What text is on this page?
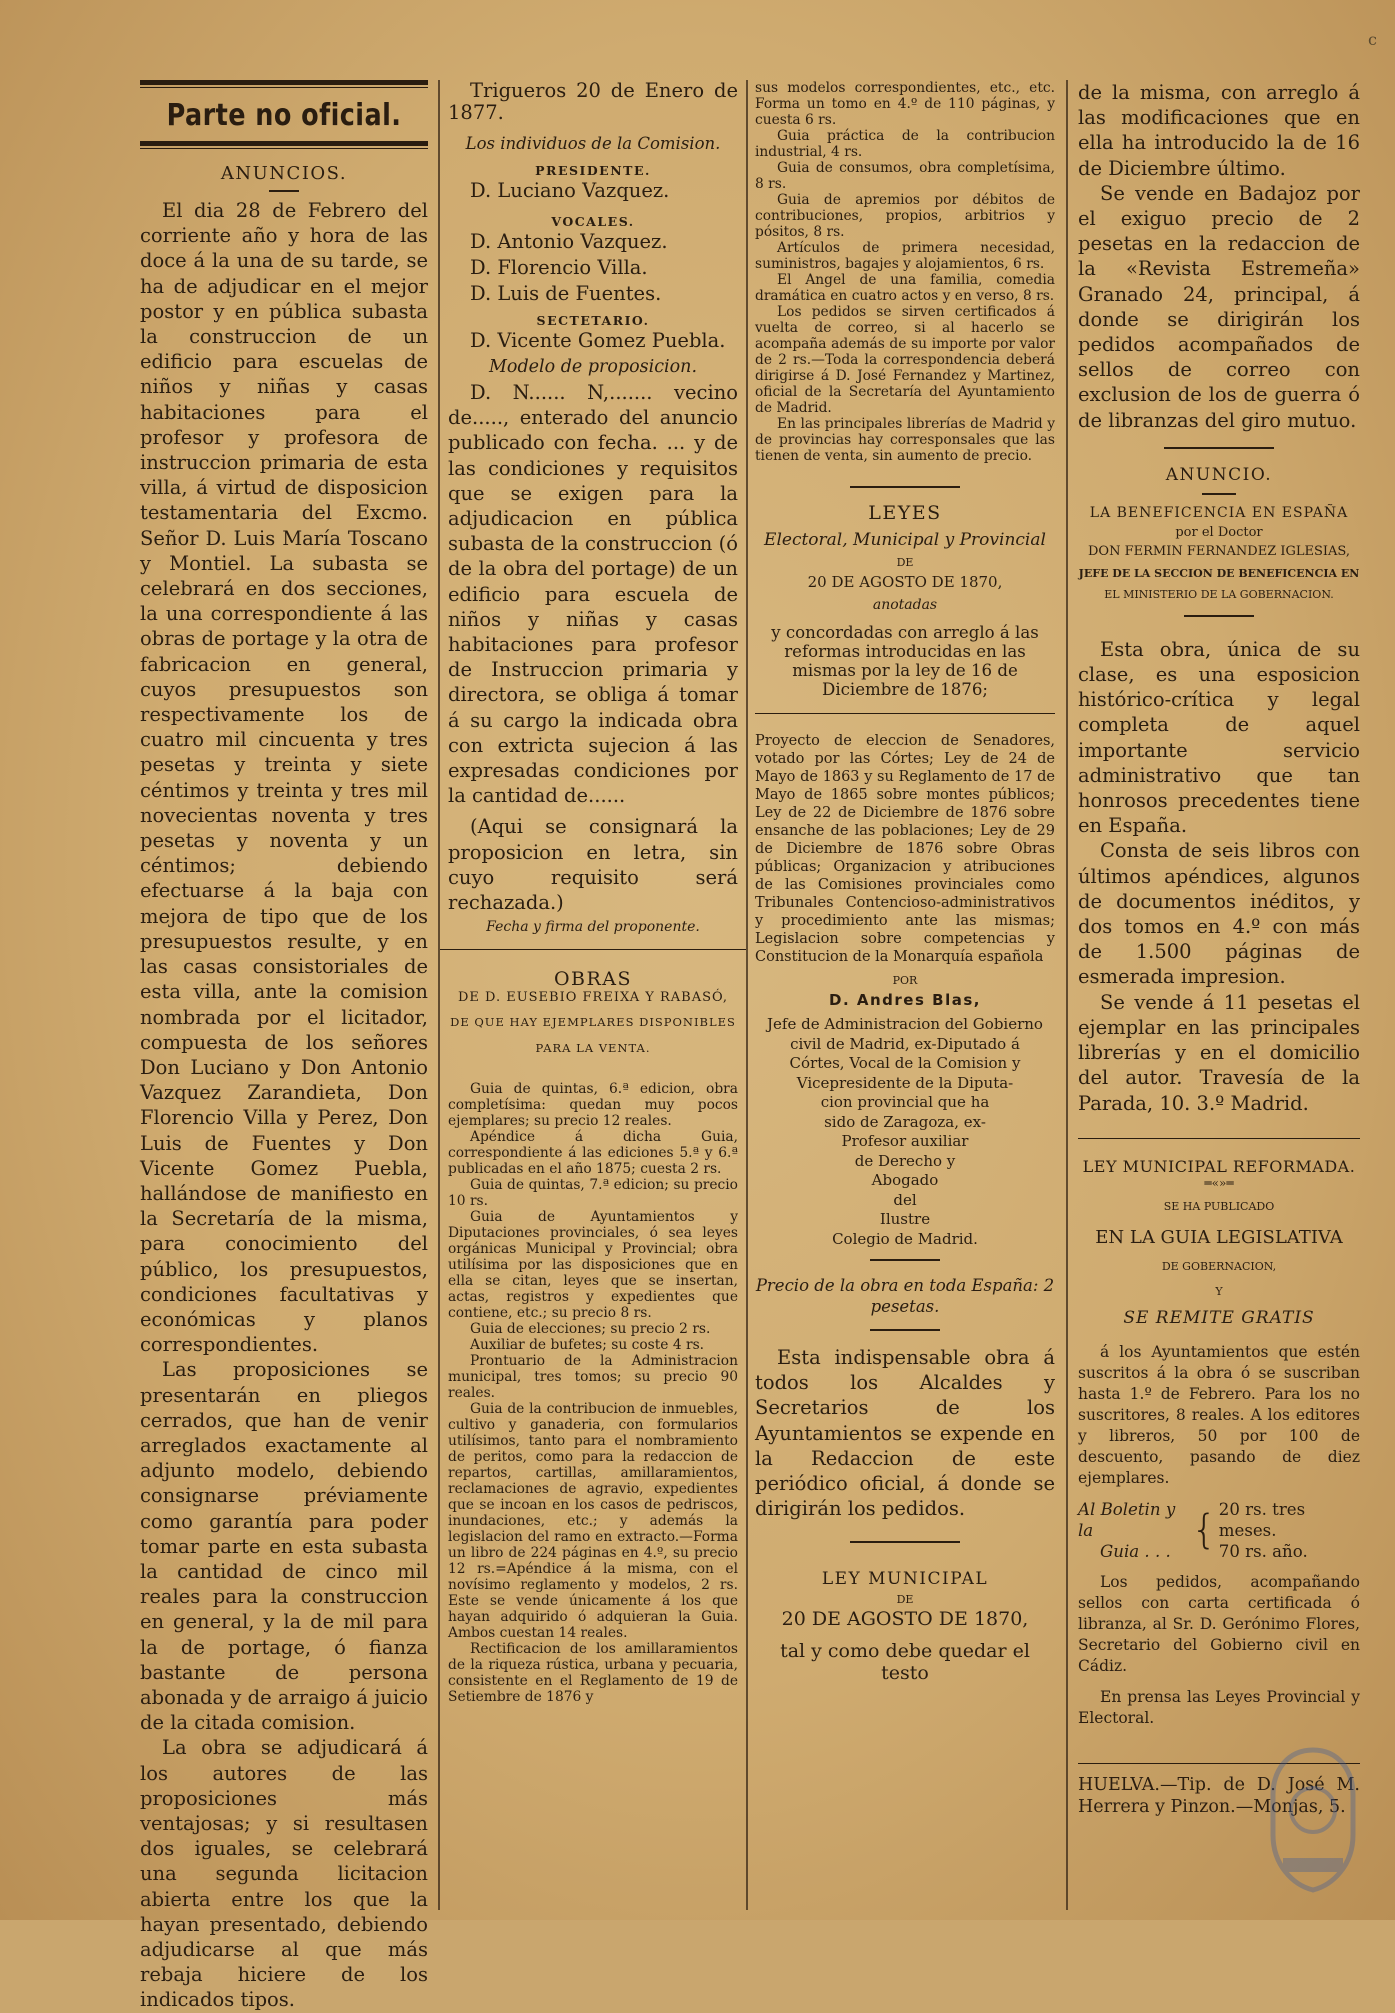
c
Parte no oficial.
ANUNCIOS.

El dia 28 de Febrero del corriente año y hora de las doce á la una de su tarde, se ha de adjudicar en el mejor postor y en pública subasta la construccion de un edificio para escuelas de niños y niñas y casas habitaciones para el profesor y profesora de instruccion primaria de esta villa, á virtud de disposicion testamentaria del Excmo. Señor D. Luis María Toscano y Montiel. La subasta se celebrará en dos secciones, la una correspondiente á las obras de portage y la otra de fabricacion en general, cuyos presupuestos son respectivamente los de cuatro mil cincuenta y tres pesetas y treinta y siete céntimos y treinta y tres mil novecientas noventa y tres pesetas y noventa y un céntimos; debiendo efectuarse á la baja con mejora de tipo que de los presupuestos resulte, y en las casas consistoriales de esta villa, ante la comision nombrada por el licitador, compuesta de los señores Don Luciano y Don Antonio Vazquez Zarandieta, Don Florencio Villa y Perez, Don Luis de Fuentes y Don Vicente Gomez Puebla, hallándose de manifiesto en la Secretaría de la misma, para conocimiento del público, los presupuestos, condiciones facultativas y económicas y planos correspondientes.

Las proposiciones se presentarán en pliegos cerrados, que han de venir arreglados exactamente al adjunto modelo, debiendo consignarse préviamente como garantía para poder tomar parte en esta subasta la cantidad de cinco mil reales para la construccion en general, y la de mil para la de portage, ó fianza bastante de persona abonada y de arraigo á juicio de la citada comision.

La obra se adjudicará á los autores de las proposiciones más ventajosas; y si resultasen dos iguales, se celebrará una segunda licitacion abierta entre los que la hayan presentado, debiendo adjudicarse al que más rebaja hiciere de los indicados tipos.

Trigueros 20 de Enero de 1877.

Los individuos de la Comision.

PRESIDENTE.

D. Luciano Vazquez.

VOCALES.

D. Antonio Vazquez.

D. Florencio Villa.

D. Luis de Fuentes.

SECTETARIO.

D. Vicente Gomez Puebla.

Modelo de proposicion.

D. N...... N,....... vecino de....., enterado del anuncio publicado con fecha. ... y de las condiciones y requisitos que se exigen para la adjudicacion en pública subasta de la construccion (ó de la obra del portage) de un edificio para escuela de niños y niñas y casas habitaciones para profesor de Instruccion primaria y directora, se obliga á tomar á su cargo la indicada obra con extricta sujecion á las expresadas condiciones por la cantidad de......

(Aqui se consignará la proposicion en letra, sin cuyo requisito será rechazada.)

Fecha y firma del proponente.

OBRAS

DE D. EUSEBIO FREIXA Y RABASÓ,

DE QUE HAY EJEMPLARES DISPONIBLES PARA LA VENTA.

Guia de quintas, 6.ª edicion, obra completísima: quedan muy pocos ejemplares; su precio 12 reales.

Apéndice á dicha Guia, correspondiente á las ediciones 5.ª y 6.ª publicadas en el año 1875; cuesta 2 rs.

Guia de quintas, 7.ª edicion; su precio 10 rs.

Guia de Ayuntamientos y Diputaciones provinciales, ó sea leyes orgánicas Municipal y Provincial; obra utilísima por las disposiciones que en ella se citan, leyes que se insertan, actas, registros y expedientes que contiene, etc.; su precio 8 rs.

Guia de elecciones; su precio 2 rs.

Auxiliar de bufetes; su coste 4 rs.

Prontuario de la Administracion municipal, tres tomos; su precio 90 reales.

Guia de la contribucion de inmuebles, cultivo y ganaderia, con formularios utilísimos, tanto para el nombramiento de peritos, como para la redaccion de repartos, cartillas, amillaramientos, reclamaciones de agravio, expedientes que se incoan en los casos de pedriscos, inundaciones, etc.; y además la legislacion del ramo en extracto.—Forma un libro de 224 páginas en 4.º, su precio 12 rs.=Apéndice á la misma, con el novísimo reglamento y modelos, 2 rs. Este se vende únicamente á los que hayan adquirido ó adquieran la Guia. Ambos cuestan 14 reales.

Rectificacion de los amillaramientos de la riqueza rústica, urbana y pecuaria, consistente en el Reglamento de 19 de Setiembre de 1876 y

sus modelos correspondientes, etc., etc. Forma un tomo en 4.º de 110 páginas, y cuesta 6 rs.

Guia práctica de la contribucion industrial, 4 rs.

Guia de consumos, obra completísima, 8 rs.

Guia de apremios por débitos de contribuciones, propios, arbitrios y pósitos, 8 rs.

Artículos de primera necesidad, suministros, bagajes y alojamientos, 6 rs.

El Angel de una familia, comedia dramática en cuatro actos y en verso, 8 rs.

Los pedidos se sirven certificados á vuelta de correo, si al hacerlo se acompaña además de su importe por valor de 2 rs.—Toda la correspondencia deberá dirigirse á D. José Fernandez y Martinez, oficial de la Secretaría del Ayuntamiento de Madrid.

En las principales librerías de Madrid y de provincias hay corresponsales que las tienen de venta, sin aumento de precio.

LEYES

Electoral, Municipal y Provincial

DE

20 DE AGOSTO DE 1870,

anotadas

y concordadas con arreglo á las reformas introducidas en las mismas por la ley de 16 de Diciembre de 1876;

Proyecto de eleccion de Senadores, votado por las Córtes; Ley de 24 de Mayo de 1863 y su Reglamento de 17 de Mayo de 1865 sobre montes públicos; Ley de 22 de Diciembre de 1876 sobre ensanche de las poblaciones; Ley de 29 de Diciembre de 1876 sobre Obras públicas; Organizacion y atribuciones de las Comisiones provinciales como Tribunales Contencioso-administrativos y procedimiento ante las mismas; Legislacion sobre competencias y Constitucion de la Monarquía española

POR

D. Andres Blas,

Jefe de Administracion del Gobierno

civil de Madrid, ex-Diputado á

Córtes, Vocal de la Comision y

Vicepresidente de la Diputa-

cion provincial que ha

sido de Zaragoza, ex-

Profesor auxiliar

de Derecho y

Abogado

del

Ilustre

Colegio de Madrid.

Precio de la obra en toda España: 2 pesetas.

Esta indispensable obra á todos los Alcaldes y Secretarios de los Ayuntamientos se expende en la Redaccion de este periódico oficial, á donde se dirigirán los pedidos.

LEY MUNICIPAL

DE

20 DE AGOSTO DE 1870,

tal y como debe quedar el testo

de la misma, con arreglo á las modificaciones que en ella ha introducido la de 16 de Diciembre último.

Se vende en Badajoz por el exiguo precio de 2 pesetas en la redaccion de la «Revista Estremeña» Granado 24, principal, á donde se dirigirán los pedidos acompañados de sellos de correo con exclusion de los de guerra ó de libranzas del giro mutuo.

ANUNCIO.

LA BENEFICENCIA EN ESPAÑA

por el Doctor

DON FERMIN FERNANDEZ IGLESIAS,

JEFE DE LA SECCION DE BENEFICENCIA EN

EL MINISTERIO DE LA GOBERNACION.

Esta obra, única de su clase, es una esposicion histórico-crítica y legal completa de aquel importante servicio administrativo que tan honrosos precedentes tiene en España.

Consta de seis libros con últimos apéndices, algunos de documentos inéditos, y dos tomos en 4.º con más de 1.500 páginas de esmerada impresion.

Se vende á 11 pesetas el ejemplar en las principales librerías y en el domicilio del autor. Travesía de la Parada, 10. 3.º Madrid.

LEY MUNICIPAL REFORMADA.

═«»═

SE HA PUBLICADO

EN LA GUIA LEGISLATIVA

DE GOBERNACION,

Y

SE REMITE GRATIS

á los Ayuntamientos que estén suscritos á la obra ó se suscriban hasta 1.º de Febrero. Para los no suscritores, 8 reales. A los editores y libreros, 50 por 100 de descuento, pasando de diez ejemplares.

Al Boletin y la
Guia . . . { 20 rs. tres meses.
70 rs. año.

Los pedidos, acompañando sellos con carta certificada ó libranza, al Sr. D. Gerónimo Flores, Secretario del Gobierno civil en Cádiz.

En prensa las Leyes Provincial y Electoral.

HUELVA.—Tip. de D. José M. Herrera y Pinzon.—Monjas, 5.
